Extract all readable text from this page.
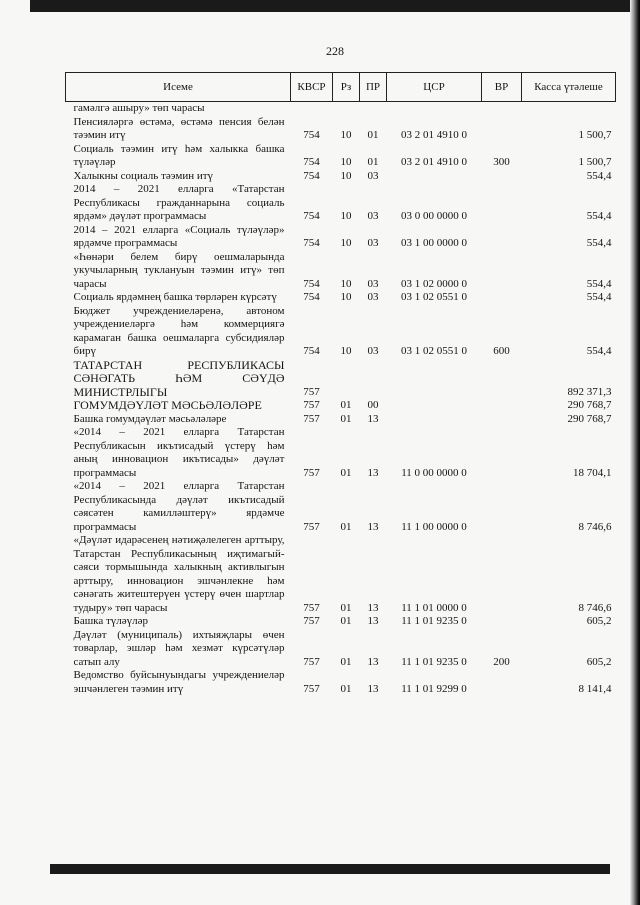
228
Исеме	КВСР	Рз	ПР	ЦСР	ВР	Касса үтәлеше
гамәлгә ашыру» төп чарасы						
Пенсияләргә өстәмә, өстәмә пенсия белән тәэмин итү	754	10	01	03 2 01 4910 0		1 500,7
Социаль тәэмин итү һәм халыкка башка түләүләр	754	10	01	03 2 01 4910 0	300	1 500,7
Халыкны социаль тәэмин итү	754	10	03			554,4
2014 – 2021 елларга «Татарстан Республикасы гражданнарына социаль ярдәм» дәүләт программасы	754	10	03	03 0 00 0000 0		554,4
2014 – 2021 елларга «Социаль түләүләр» ярдәмче программасы	754	10	03	03 1 00 0000 0		554,4
«Һөнәри белем бирү оешмаларында укучыларның туклануын тәэмин итү» төп чарасы	754	10	03	03 1 02 0000 0		554,4
Социаль ярдәмнең башка төрләрен күрсәтү	754	10	03	03 1 02 0551 0		554,4
Бюджет учреждениеләренә, автоном учреждениеләргә һәм коммерциягә карамаган башка оешмаларга субсидияләр бирү	754	10	03	03 1 02 0551 0	600	554,4
ТАТАРСТАН РЕСПУБЛИКАСЫ СӘНӘГАТЬ ҺӘМ СӘҮДӘ МИНИСТРЛЫГЫ	757					892 371,3
ГОМУМДӘҮЛӘТ МӘСЬӘЛӘЛӘРЕ	757	01	00			290 768,7
Башка гомумдәүләт мәсьәләләре	757	01	13			290 768,7
«2014 – 2021 елларга Татарстан Республикасын икътисадый үстерү һәм аның инновацион икътисады» дәүләт программасы	757	01	13	11 0 00 0000 0		18 704,1
«2014 – 2021 елларга Татарстан Республикасында дәүләт икътисадый сәясәтен камилләштерү» ярдәмче программасы	757	01	13	11 1 00 0000 0		8 746,6
«Дәүләт идарәсенең нәтиҗәлелеген арттыру, Татарстан Республикасының иҗтимагый-сәяси тормышында халыкның активлыгын арттыру, инновацион эшчәнлекне һәм сәнәгать житештерүен үстерү өчен шартлар тудыру» төп чарасы	757	01	13	11 1 01 0000 0		8 746,6
Башка түләүләр	757	01	13	11 1 01 9235 0		605,2
Дәүләт (муниципаль) ихтыяҗлары өчен товарлар, эшләр һәм хезмәт күрсәтүләр сатып алу	757	01	13	11 1 01 9235 0	200	605,2
Ведомство буйсынуындагы учреждениеләр эшчәнлеген тәэмин итү	757	01	13	11 1 01 9299 0		8 141,4
